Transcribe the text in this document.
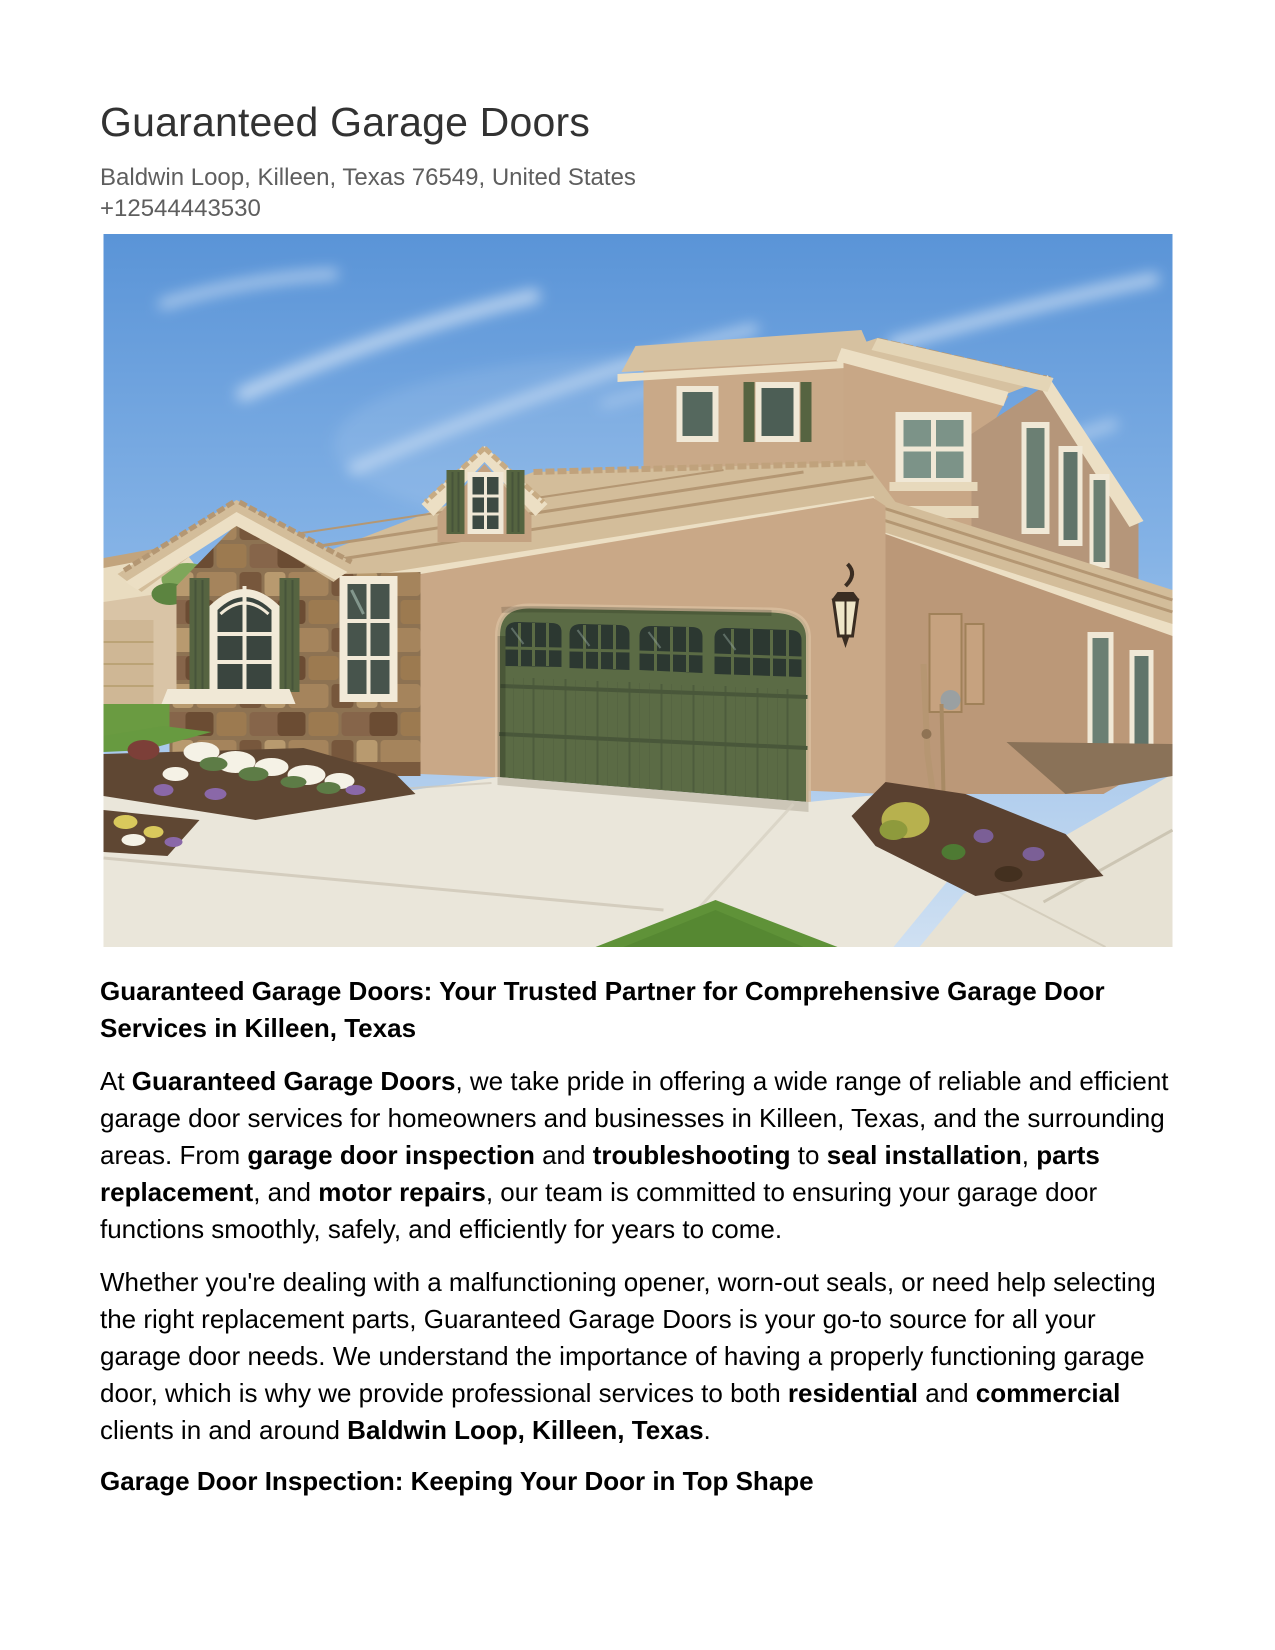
Guaranteed Garage Doors
Baldwin Loop, Killeen, Texas 76549, United States
+12544443530
Guaranteed Garage Doors: Your Trusted Partner for Comprehensive Garage Door Services in Killeen, Texas

At Guaranteed Garage Doors, we take pride in offering a wide range of reliable and efficient garage door services for homeowners and businesses in Killeen, Texas, and the surrounding areas. From garage door inspection and troubleshooting to seal installation, parts replacement, and motor repairs, our team is committed to ensuring your garage door functions smoothly, safely, and efficiently for years to come.

Whether you're dealing with a malfunctioning opener, worn-out seals, or need help selecting the right replacement parts, Guaranteed Garage Doors is your go-to source for all your garage door needs. We understand the importance of having a properly functioning garage door, which is why we provide professional services to both residential and commercial clients in and around Baldwin Loop, Killeen, Texas.

Garage Door Inspection: Keeping Your Door in Top Shape
